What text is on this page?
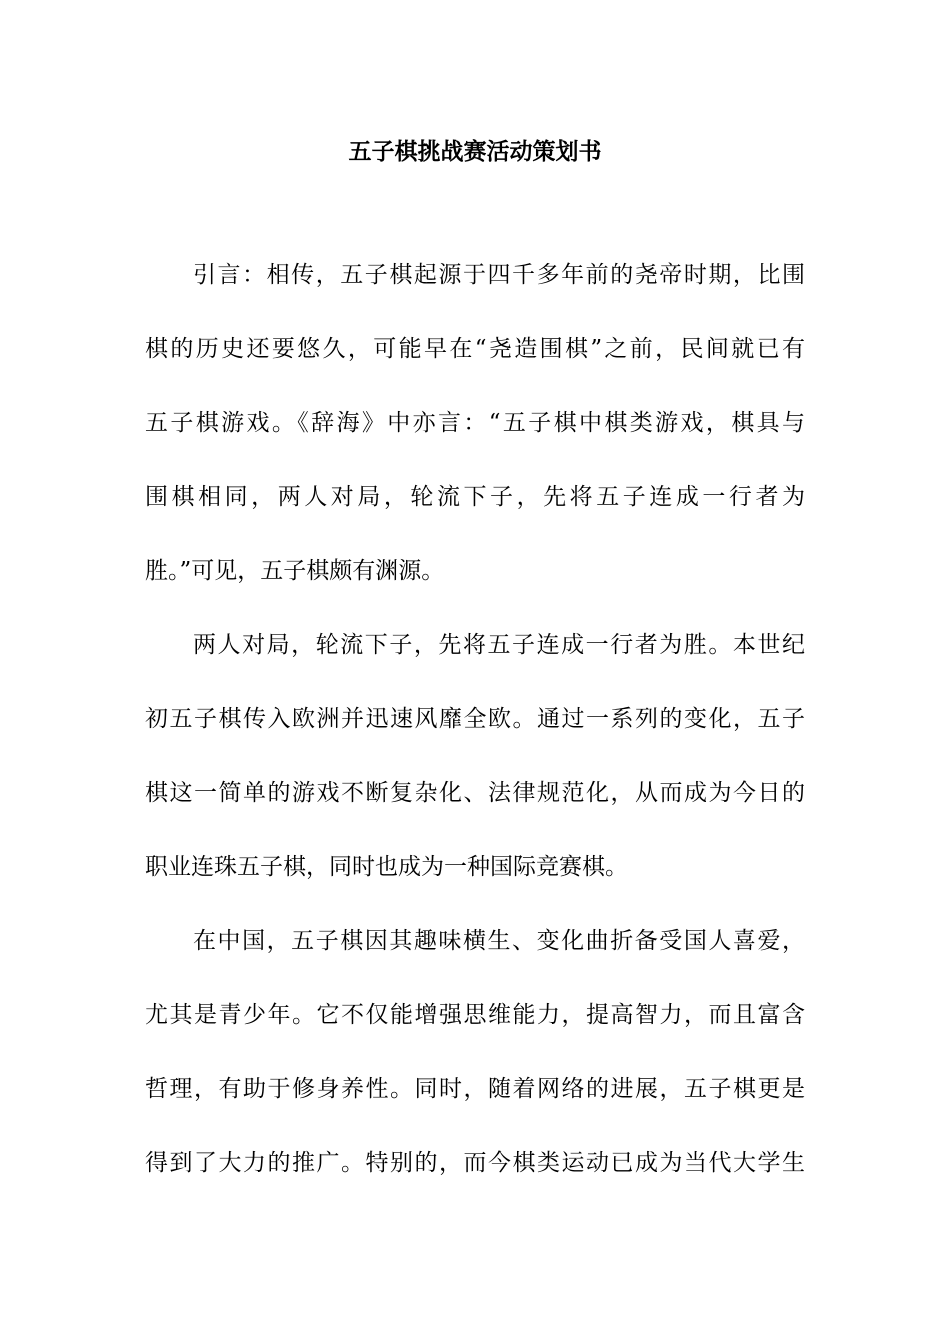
五子棋挑战赛活动策划书
引言：相传，五子棋起源于四千多年前的尧帝时期，比围
棋的历史还要悠久，可能早在“尧造围棋”之前，民间就已有
五子棋游戏。《辞海》中亦言：“五子棋中棋类游戏，棋具与
围棋相同，两人对局，轮流下子，先将五子连成一行者为
胜。”可见，五子棋颇有渊源。
两人对局，轮流下子，先将五子连成一行者为胜。本世纪
初五子棋传入欧洲并迅速风靡全欧。通过一系列的变化，五子
棋这一简单的游戏不断复杂化、法律规范化，从而成为今日的
职业连珠五子棋，同时也成为一种国际竞赛棋。
在中国，五子棋因其趣味横生、变化曲折备受国人喜爱，
尤其是青少年。它不仅能增强思维能力，提高智力，而且富含
哲理，有助于修身养性。同时，随着网络的进展，五子棋更是
得到了大力的推广。特别的，而今棋类运动已成为当代大学生
